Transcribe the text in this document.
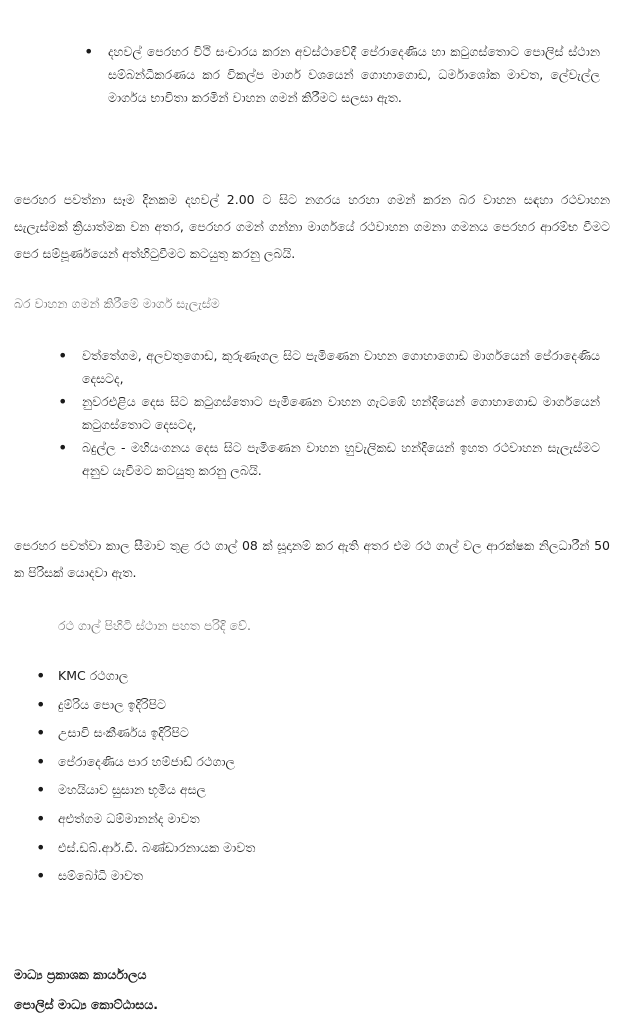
• දහවල් පෙරහර විථි සංචාරය කරන අවස්ථාවේදී පේරාදෙණිය හා කටුගස්තොට පොලිස් ස්ථාන සම්බන්ධීකරණය කර විකල්ප මාර්ග වශයෙන් ගොහාගොඩ, ධර්මාශෝක මාවත, ලේවැල්ල මාර්ගය භාවිතා කරමින් වාහන ගමන් කිරීමට සලසා ඇත.

පෙරහර පවත්නා සෑම දිනකම දහවල් 2.00 ට සිට නගරය හරහා ගමන් කරන බර වාහන සඳහා රථවාහන සැලැස්මක් ක්‍රියාත්මක වන අතර, පෙරහර ගමන් ගන්නා මාර්ගයේ රථවාහන ගමනා ගමනය පෙරහර ආරම්භ වීමට පෙර සම්පූර්ණයෙන් අත්හිටුවීමට කටයුතු කරනු ලබයි.

බර වාහන ගමන් කිරීමේ මාර්ග සැලැස්ම

• වත්තේගම, අලවතුගොඩ, කුරුණෑගල සිට පැමිණෙන වාහන ගොහාගොඩ මාර්ගයෙන් පේරාදෙණිය දෙසටද,
• නුවරඑළිය දෙස සිට කටුගස්තොට පැමිණෙන වාහන ගැටඹේ හන්දියෙන් ගොහාගොඩ මාර්ගයෙන් කටුගස්තොට දෙසටද,
• බදුල්ල - මහියංගනය දෙස සිට පැමිණෙන වාහන හුවැලිකඩ හන්දියෙන් ඉහත රථවාහන සැලැස්මට අනුව යැවීමට කටයුතු කරනු ලබයි.

පෙරහර පවත්වා කාල සීමාව තුළ රථ ගාල් 08 ක් සූදානම් කර ඇති අතර එම රථ ගාල් වල ආරක්ෂක නිලධාරීන් 50 ක පිරිසක් යොදවා ඇත.

රථ ගාල් පිහිටි ස්ථාන පහත පරිදි වේ.

• KMC රථගාල
• දුම්රිය පොල ඉදිරිපිට
• උසාවි සංකීර්ණය ඉදිරිපිට
• පේරාදෙණිය පාර හම්ජාඩ් රථගාල
• මහයියාව සුසාන භූමිය අසල
• අළුත්ගම ධම්මානන්ද මාවත
• එස්.ඩබ්.ආර්.ඩී. බණ්ඩාරනායක මාවත
• සම්බෝධි මාවත

මාධ්‍ය ප්‍රකාශක කාර්යාලය

පොලිස් මාධ්‍ය කොට්ඨාසය.
